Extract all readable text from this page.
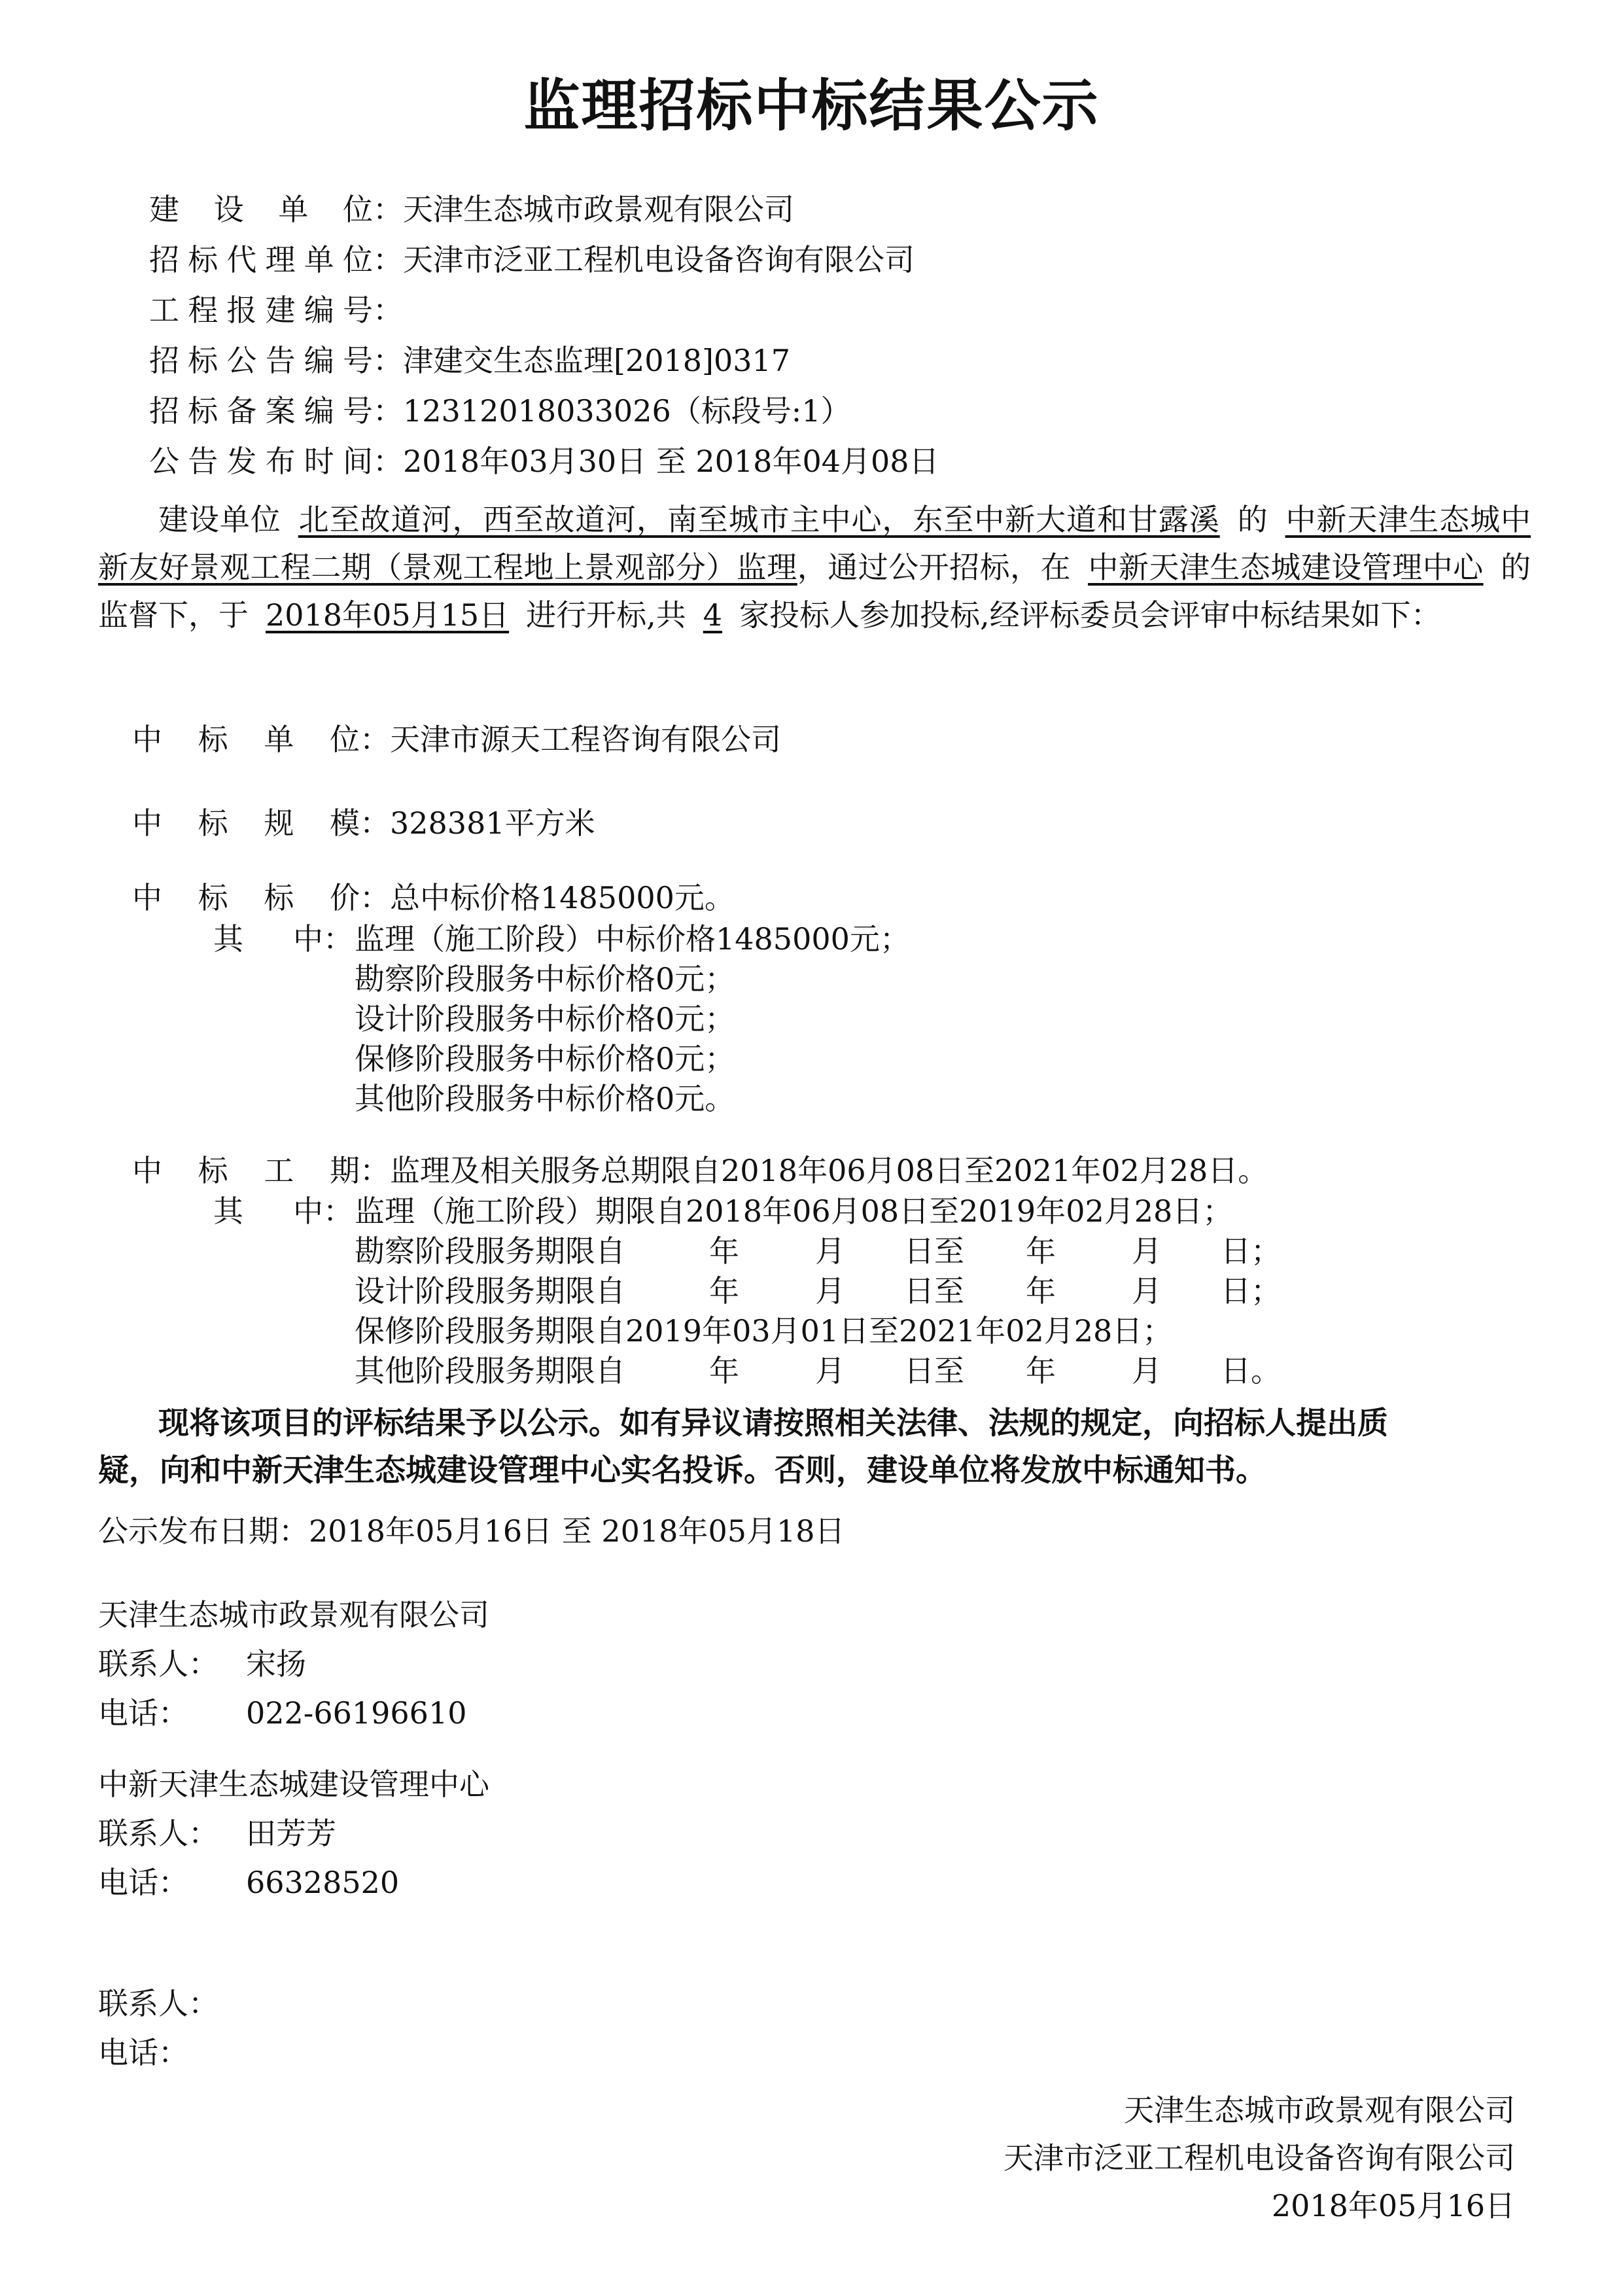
监理招标中标结果公示
建设单位：天津生态城市政景观有限公司
招标代理单位：天津市泛亚工程机电设备咨询有限公司
工程报建编号：
招标公告编号：津建交生态监理[2018]0317
招标备案编号：12312018033026（标段号:1）
公告发布时间：2018年03月30日 至 2018年04月08日
建设单位 北至故道河，西至故道河，南至城市主中心，东至中新大道和甘露溪 的 中新天津生态城中新友好景观工程二期（景观工程地上景观部分）监理，通过公开招标，在 中新天津生态城建设管理中心 的监督下，于 2018年05月15日 进行开标,共 4 家投标人参加投标,经评标委员会评审中标结果如下：
中标单位：天津市源天工程咨询有限公司
中标规模：328381平方米
中标标价：总中标价格1485000元。
其中： 监理（施工阶段）中标价格1485000元；
勘察阶段服务中标价格0元；
设计阶段服务中标价格0元；
保修阶段服务中标价格0元；
其他阶段服务中标价格0元。
中标工期：监理及相关服务总期限自2018年06月08日至2021年02月28日。
其中： 监理（施工阶段）期限自2018年06月08日至2019年02月28日；
勘察阶段服务期限自	年	月 日至 年	月 日；
设计阶段服务期限自	年	月 日至 年	月 日；
保修阶段服务期限自2019年03月01日至2021年02月28日；
其他阶段服务期限自	年	月 日至 年	月 日。
现将该项目的评标结果予以公示。如有异议请按照相关法律、法规的规定，向招标人提出质
疑，向和中新天津生态城建设管理中心实名投诉。否则，建设单位将发放中标通知书。
公示发布日期：2018年05月16日 至 2018年05月18日
天津生态城市政景观有限公司
联系人： 宋扬
电话： 022-66196610
中新天津生态城建设管理中心
联系人： 田芳芳
电话： 66328520
联系人：
电话：
天津生态城市政景观有限公司
天津市泛亚工程机电设备咨询有限公司
2018年05月16日
